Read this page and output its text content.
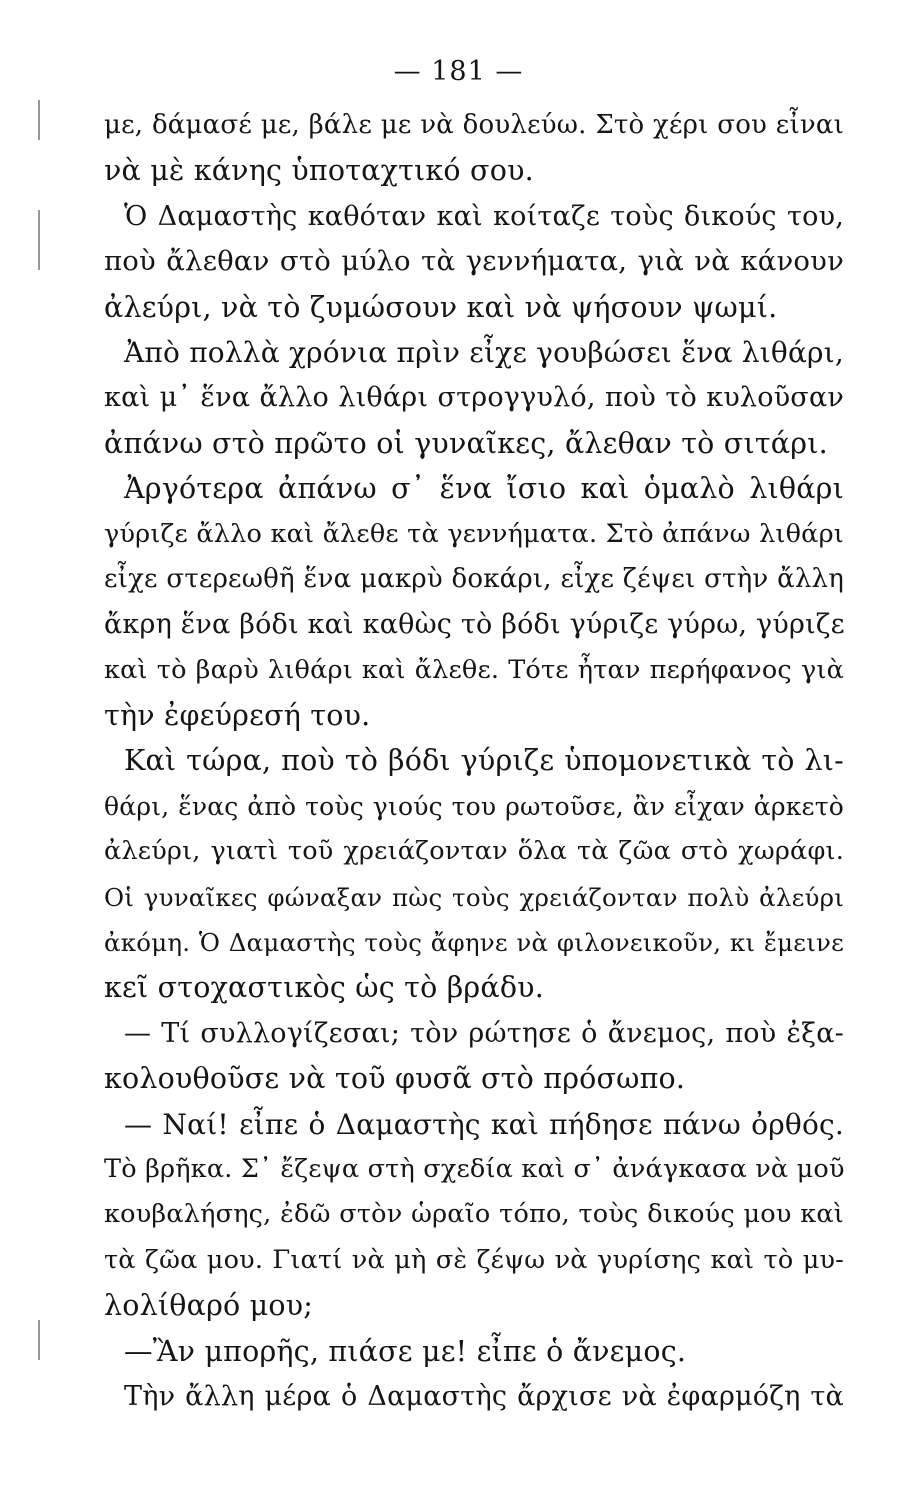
— 181 —
με, δάμασέ με, βάλε με νὰ δουλεύω. Στὸ χέρι σου εἶναι
νὰ μὲ κάνης ὑποταχτικό σου.
Ὁ Δαμαστὴς καθόταν καὶ κοίταζε τοὺς δικούς του,
ποὺ ἄλεθαν στὸ μύλο τὰ γεννήματα, γιὰ νὰ κάνουν
ἀλεύρι, νὰ τὸ ζυμώσουν καὶ νὰ ψήσουν ψωμί.
Ἀπὸ πολλὰ χρόνια πρὶν εἶχε γουβώσει ἕνα λιθάρι,
καὶ μ᾽ ἕνα ἄλλο λιθάρι στρογγυλό, ποὺ τὸ κυλοῦσαν
ἀπάνω στὸ πρῶτο οἱ γυναῖκες, ἄλεθαν τὸ σιτάρι.
Ἀργότερα ἀπάνω σ᾽ ἕνα ἴσιο καὶ ὁμαλὸ λιθάρι
γύριζε ἄλλο καὶ ἄλεθε τὰ γεννήματα. Στὸ ἀπάνω λιθάρι
εἶχε στερεωθῆ ἕνα μακρὺ δοκάρι, εἶχε ζέψει στὴν ἄλλη
ἄκρη ἕνα βόδι καὶ καθὼς τὸ βόδι γύριζε γύρω, γύριζε
καὶ τὸ βαρὺ λιθάρι καὶ ἄλεθε. Τότε ἦταν περήφανος γιὰ
τὴν ἐφεύρεσή του.
Καὶ τώρα, ποὺ τὸ βόδι γύριζε ὑπομονετικὰ τὸ λι-
θάρι, ἕνας ἀπὸ τοὺς γιούς του ρωτοῦσε, ἂν εἶχαν ἀρκετὸ
ἀλεύρι, γιατὶ τοῦ χρειάζονταν ὅλα τὰ ζῶα στὸ χωράφι.
Οἱ γυναῖκες φώναξαν πὼς τοὺς χρειάζονταν πολὺ ἀλεύρι
ἀκόμη. Ὁ Δαμαστὴς τοὺς ἄφηνε νὰ φιλονεικοῦν, κι ἔμεινε
κεῖ στοχαστικὸς ὡς τὸ βράδυ.
— Τί συλλογίζεσαι; τὸν ρώτησε ὁ ἄνεμος, ποὺ ἐξα-
κολουθοῦσε νὰ τοῦ φυσᾶ στὸ πρόσωπο.
— Ναί! εἶπε ὁ Δαμαστὴς καὶ πήδησε πάνω ὀρθός.
Τὸ βρῆκα. Σ᾽ ἔζεψα στὴ σχεδία καὶ σ᾽ ἀνάγκασα νὰ μοῦ
κουβαλήσης, ἐδῶ στὸν ὡραῖο τόπο, τοὺς δικούς μου καὶ
τὰ ζῶα μου. Γιατί νὰ μὴ σὲ ζέψω νὰ γυρίσης καὶ τὸ μυ-
λολίθαρό μου;
—Ἂν μπορῆς, πιάσε με! εἶπε ὁ ἄνεμος.
Τὴν ἄλλη μέρα ὁ Δαμαστὴς ἄρχισε νὰ ἐφαρμόζη τὰ
